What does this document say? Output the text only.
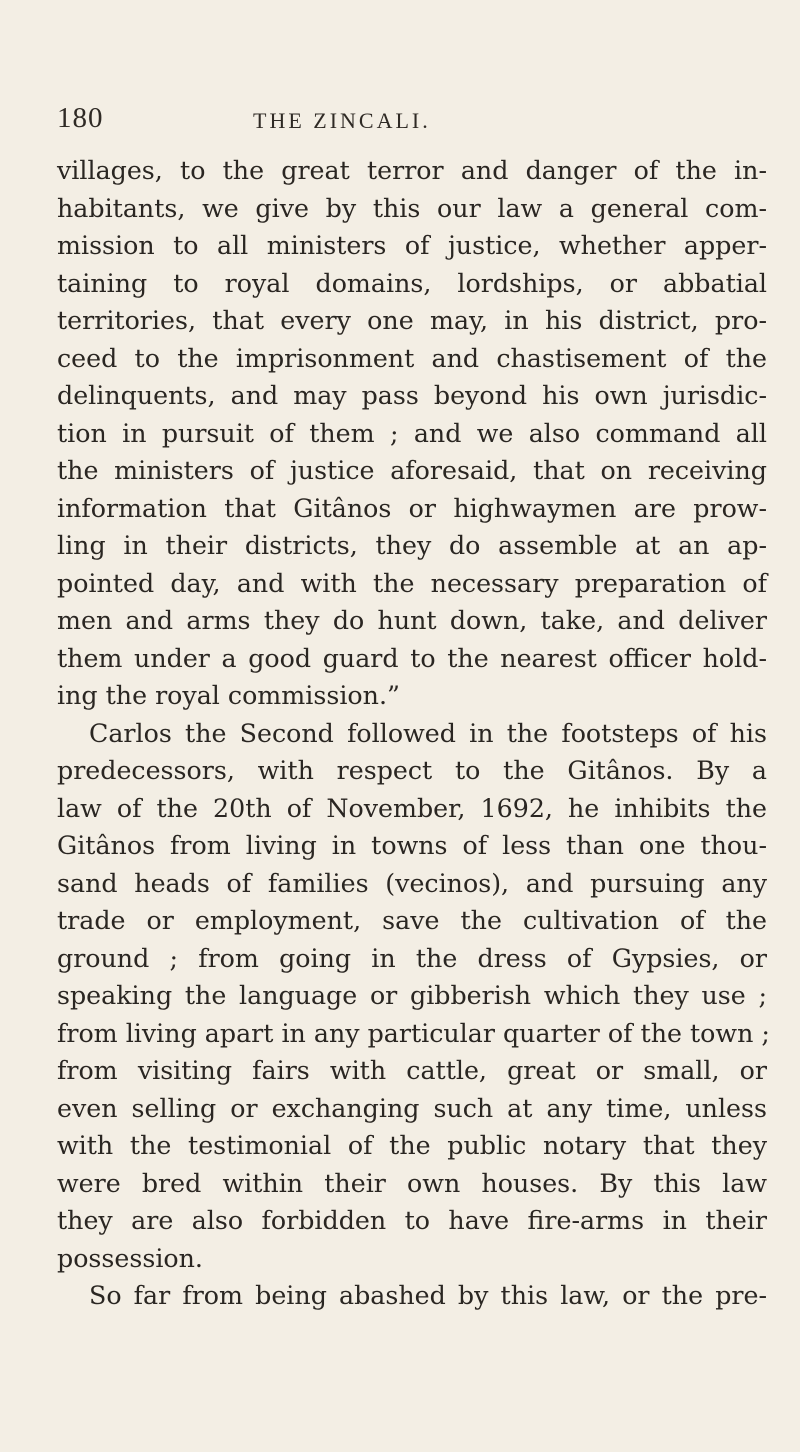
180	THE ZINCALI.
villages, to the great terror and danger of the in-
habitants, we give by this our law a general com-
mission to all ministers of justice, whether apper-
taining to royal domains, lordships, or abbatial
territories, that every one may, in his district, pro-
ceed to the imprisonment and chastisement of the
delinquents, and may pass beyond his own jurisdic-
tion in pursuit of them ; and we also command all
the ministers of justice aforesaid, that on receiving
information that Gitânos or highwaymen are prow-
ling in their districts, they do assemble at an ap-
pointed day, and with the necessary preparation of
men and arms they do hunt down, take, and deliver
them under a good guard to the nearest officer hold-
ing the royal commission.”
Carlos the Second followed in the footsteps of his
predecessors, with respect to the Gitânos. By a
law of the 20th of November, 1692, he inhibits the
Gitânos from living in towns of less than one thou-
sand heads of families (vecinos), and pursuing any
trade or employment, save the cultivation of the
ground ; from going in the dress of Gypsies, or
speaking the language or gibberish which they use ;
from living apart in any particular quarter of the town ;
from visiting fairs with cattle, great or small, or
even selling or exchanging such at any time, unless
with the testimonial of the public notary that they
were bred within their own houses. By this law
they are also forbidden to have fire-arms in their
possession.
So far from being abashed by this law, or the pre-
